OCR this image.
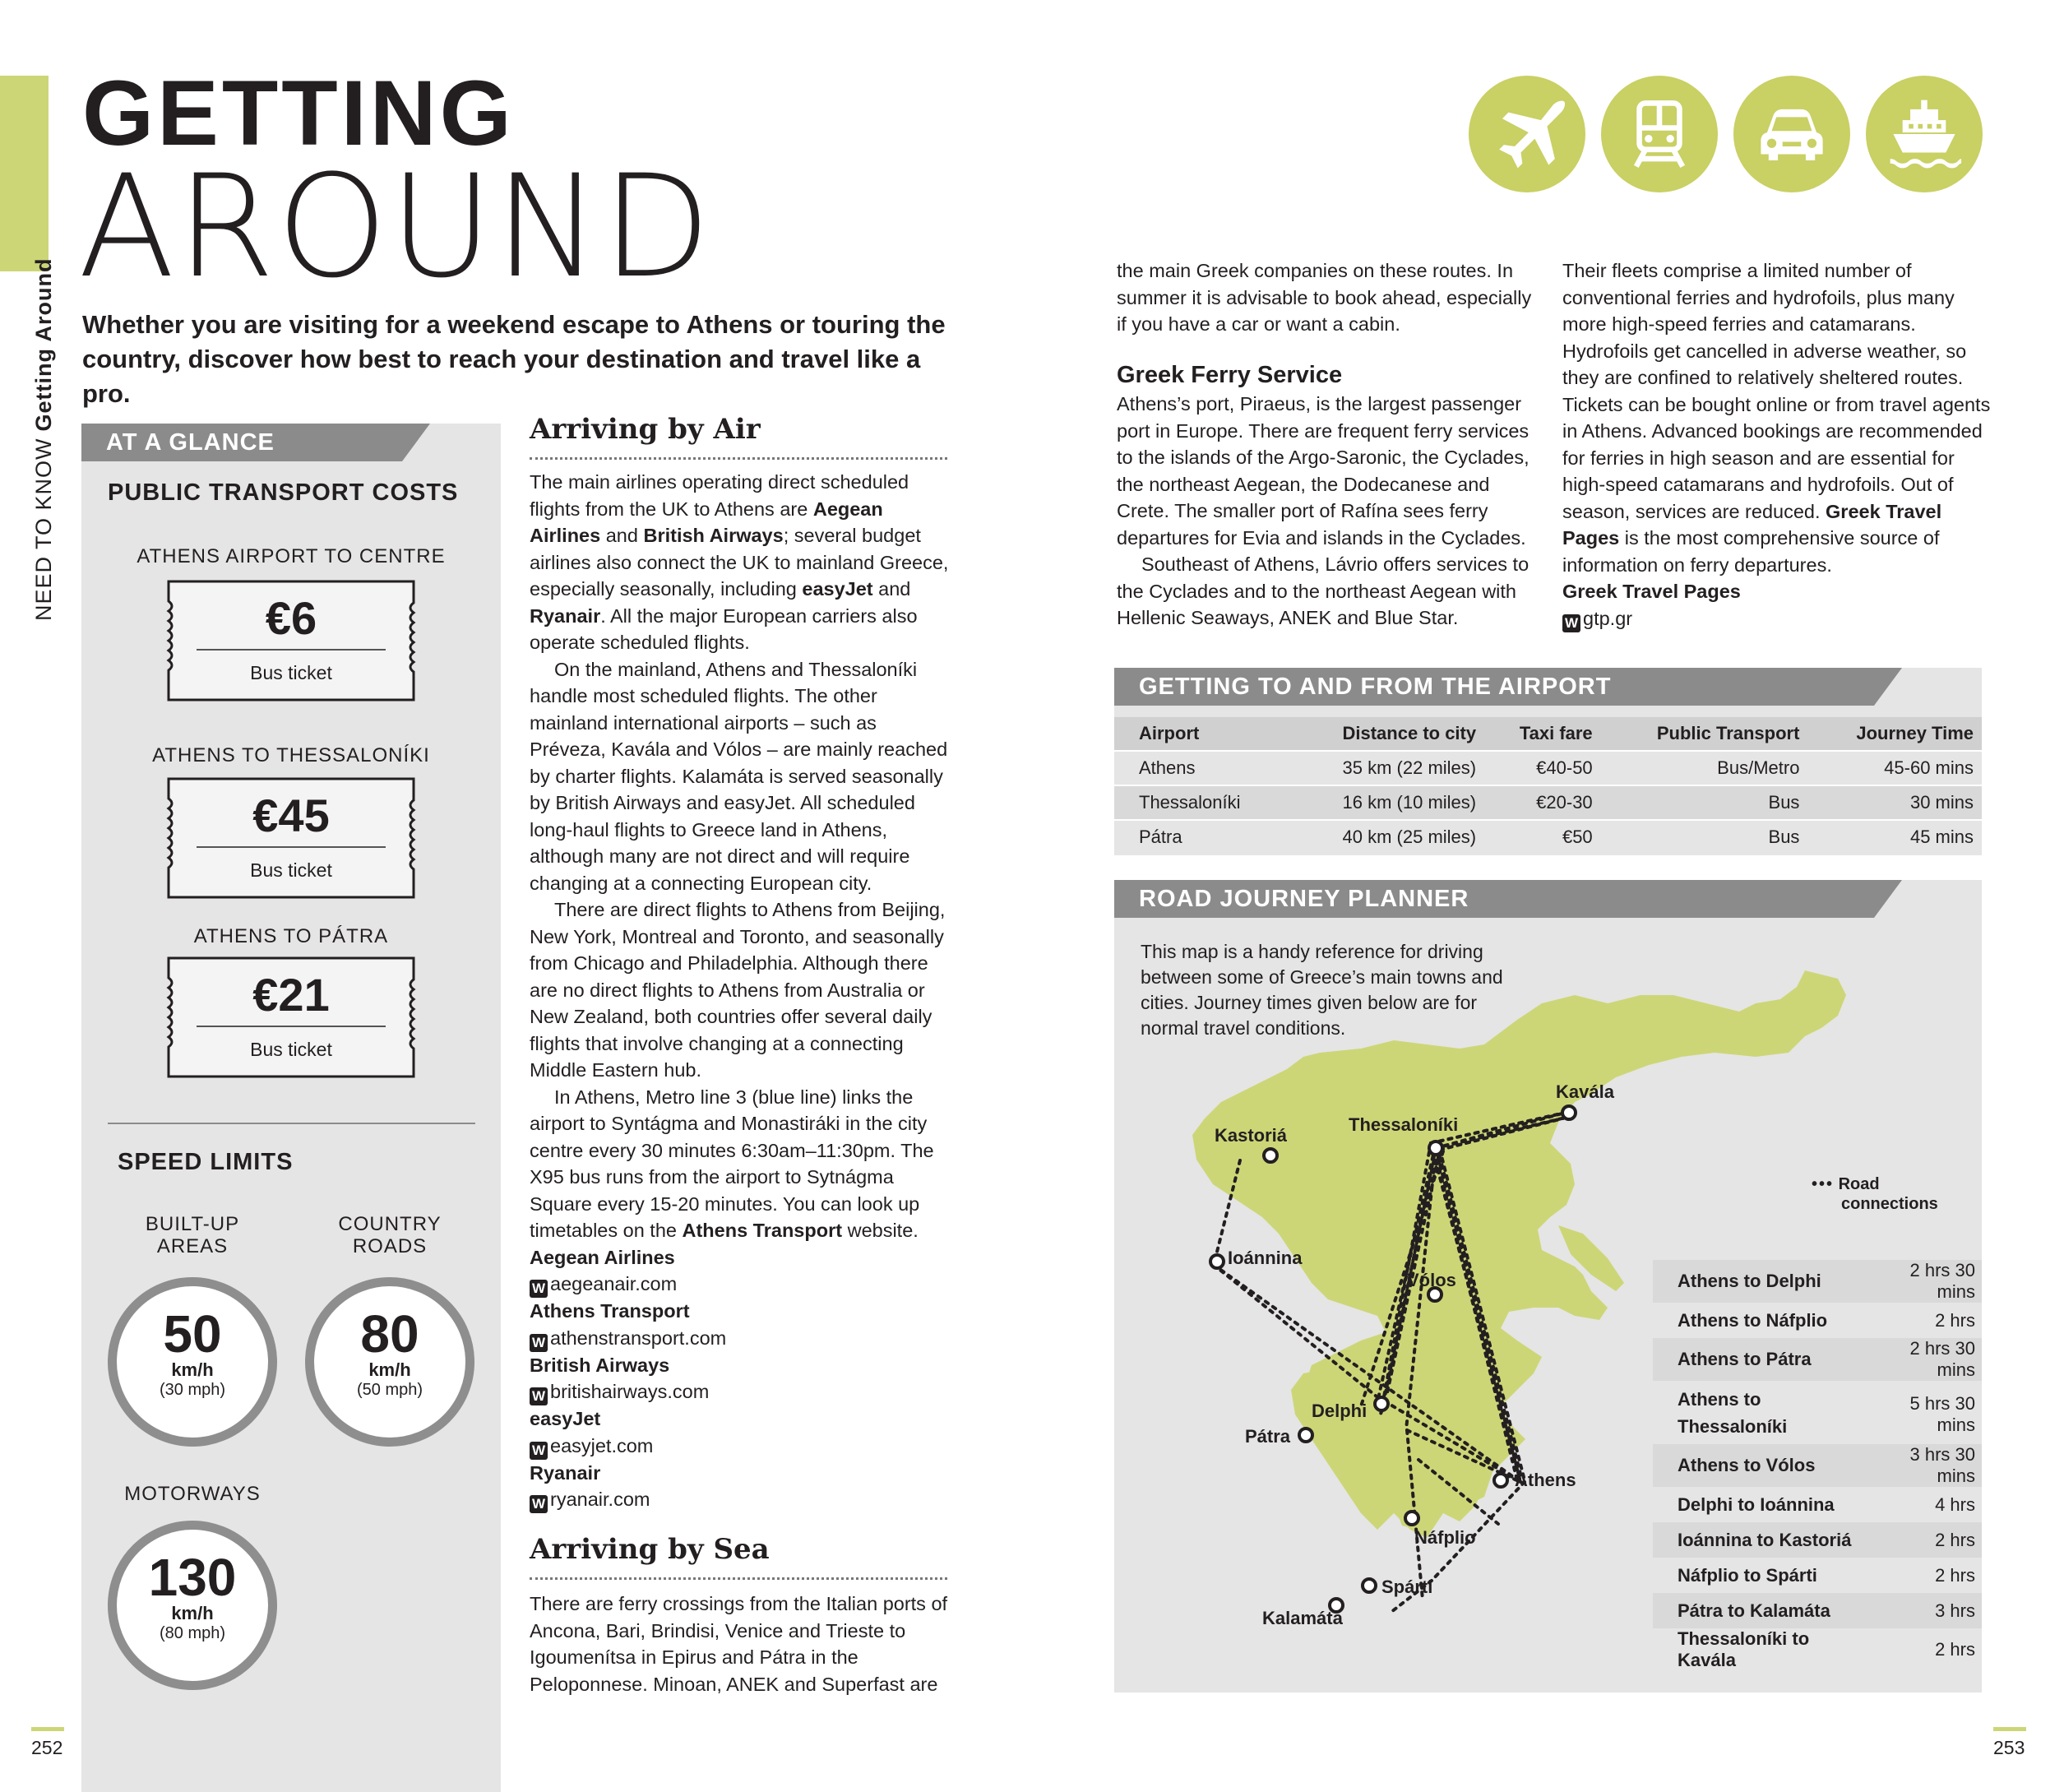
NEED TO KNOWGetting Around
GETTING
AROUND
Whether you are visiting for a weekend escape to Athens or touring the country, discover how best to reach your destination and travel like a pro.
AT A GLANCE
PUBLIC TRANSPORT COSTS
ATHENS AIRPORT TO CENTRE
€6
Bus ticket
ATHENS TO THESSALONÍKI
€45
Bus ticket
ATHENS TO PÁTRA
€21
Bus ticket
SPEED LIMITS
BUILT-UP
AREAS
COUNTRY
ROADS
50
km/h
(30 mph)
80
km/h
(50 mph)
MOTORWAYS
130
km/h
(80 mph)
Arriving by Air

The main airlines operating direct scheduled flights from the UK to Athens are Aegean Airlines and British Airways; several budget airlines also connect the UK to mainland Greece, especially seasonally, including easyJet and Ryanair. All the major European carriers also operate scheduled flights.

On the mainland, Athens and Thessaloníki handle most scheduled flights. The other mainland international airports – such as Préveza, Kavála and Vólos – are mainly reached by charter flights. Kalamáta is served seasonally by British Airways and easyJet. All scheduled long-haul flights to Greece land in Athens, although many are not direct and will require changing at a connecting European city.

There are direct flights to Athens from Beijing, New York, Montreal and Toronto, and seasonally from Chicago and Philadelphia. Although there are no direct flights to Athens from Australia or New Zealand, both countries offer several daily flights that involve changing at a connecting Middle Eastern hub.

In Athens, Metro line 3 (blue line) links the airport to Syntágma and Monastiráki in the city centre every 30 minutes 6:30am–11:30pm. The X95 bus runs from the airport to Sytnágma Square every 15-20 minutes. You can look up timetables on the Athens Transport website.

Aegean Airlines

W aegeanair.com

Athens Transport

W athenstransport.com

British Airways

W britishairways.com

easyJet

W easyjet.com

Ryanair

W ryanair.com

Arriving by Sea
There are ferry crossings from the Italian ports of Ancona, Bari, Brindisi, Venice and Trieste to Igoumenítsa in Epirus and Pátra in the Peloponnese. Minoan, ANEK and Superfast are
the main Greek companies on these routes. In summer it is advisable to book ahead, especially if you have a car or want a cabin.
Greek Ferry Service

Athens’s port, Piraeus, is the largest passenger port in Europe. There are frequent ferry services to the islands of the Argo-Saronic, the Cyclades, the northeast Aegean, the Dodecanese and Crete. The smaller port of Rafína sees ferry departures for Evia and islands in the Cyclades.

Southeast of Athens, Lávrio offers services to the Cyclades and to the northeast Aegean with Hellenic Seaways, ANEK and Blue Star.

Their fleets comprise a limited number of conventional ferries and hydrofoils, plus many more high-speed ferries and catamarans. Hydrofoils get cancelled in adverse weather, so they are confined to relatively sheltered routes. Tickets can be bought online or from travel agents in Athens. Advanced bookings are recommended for ferries in high season and are essential for high-speed catamarans and hydrofoils. Out of season, services are reduced. Greek Travel Pages is the most comprehensive source of information on ferry departures.

Greek Travel Pages

W gtp.gr

GETTING TO AND FROM THE AIRPORT
Airport	Distance to city	Taxi fare	Public Transport	Journey Time
Athens	35 km (22 miles)	€40-50	Bus/Metro	45-60 mins
Thessaloníki	16 km (10 miles)	€20-30	Bus	30 mins
Pátra	40 km (25 miles)	€50	Bus	45 mins
ROAD JOURNEY PLANNER
This map is a handy reference for driving between some of Greece’s main towns and cities. Journey times given below are for normal travel conditions.
Kavála
Thessaloníki
Kastoriá
Ioánnina
Vólos
Delphi
Pátra
Athens
Náfplio
Spárti
Kalamáta
••• Road
connections
Athens to Delphi	2 hrs 30 mins
Athens to Náfplio	2 hrs
Athens to Pátra	2 hrs 30 mins

Athens to
Thessaloníki	5 hrs 30 mins
Athens to Vólos	3 hrs 30 mins
Delphi to Ioánnina	4 hrs
Ioánnina to Kastoriá	2 hrs
Náfplio to Spárti	2 hrs
Pátra to Kalamáta	3 hrs
Thessaloníki to Kavála	2 hrs
252	253
